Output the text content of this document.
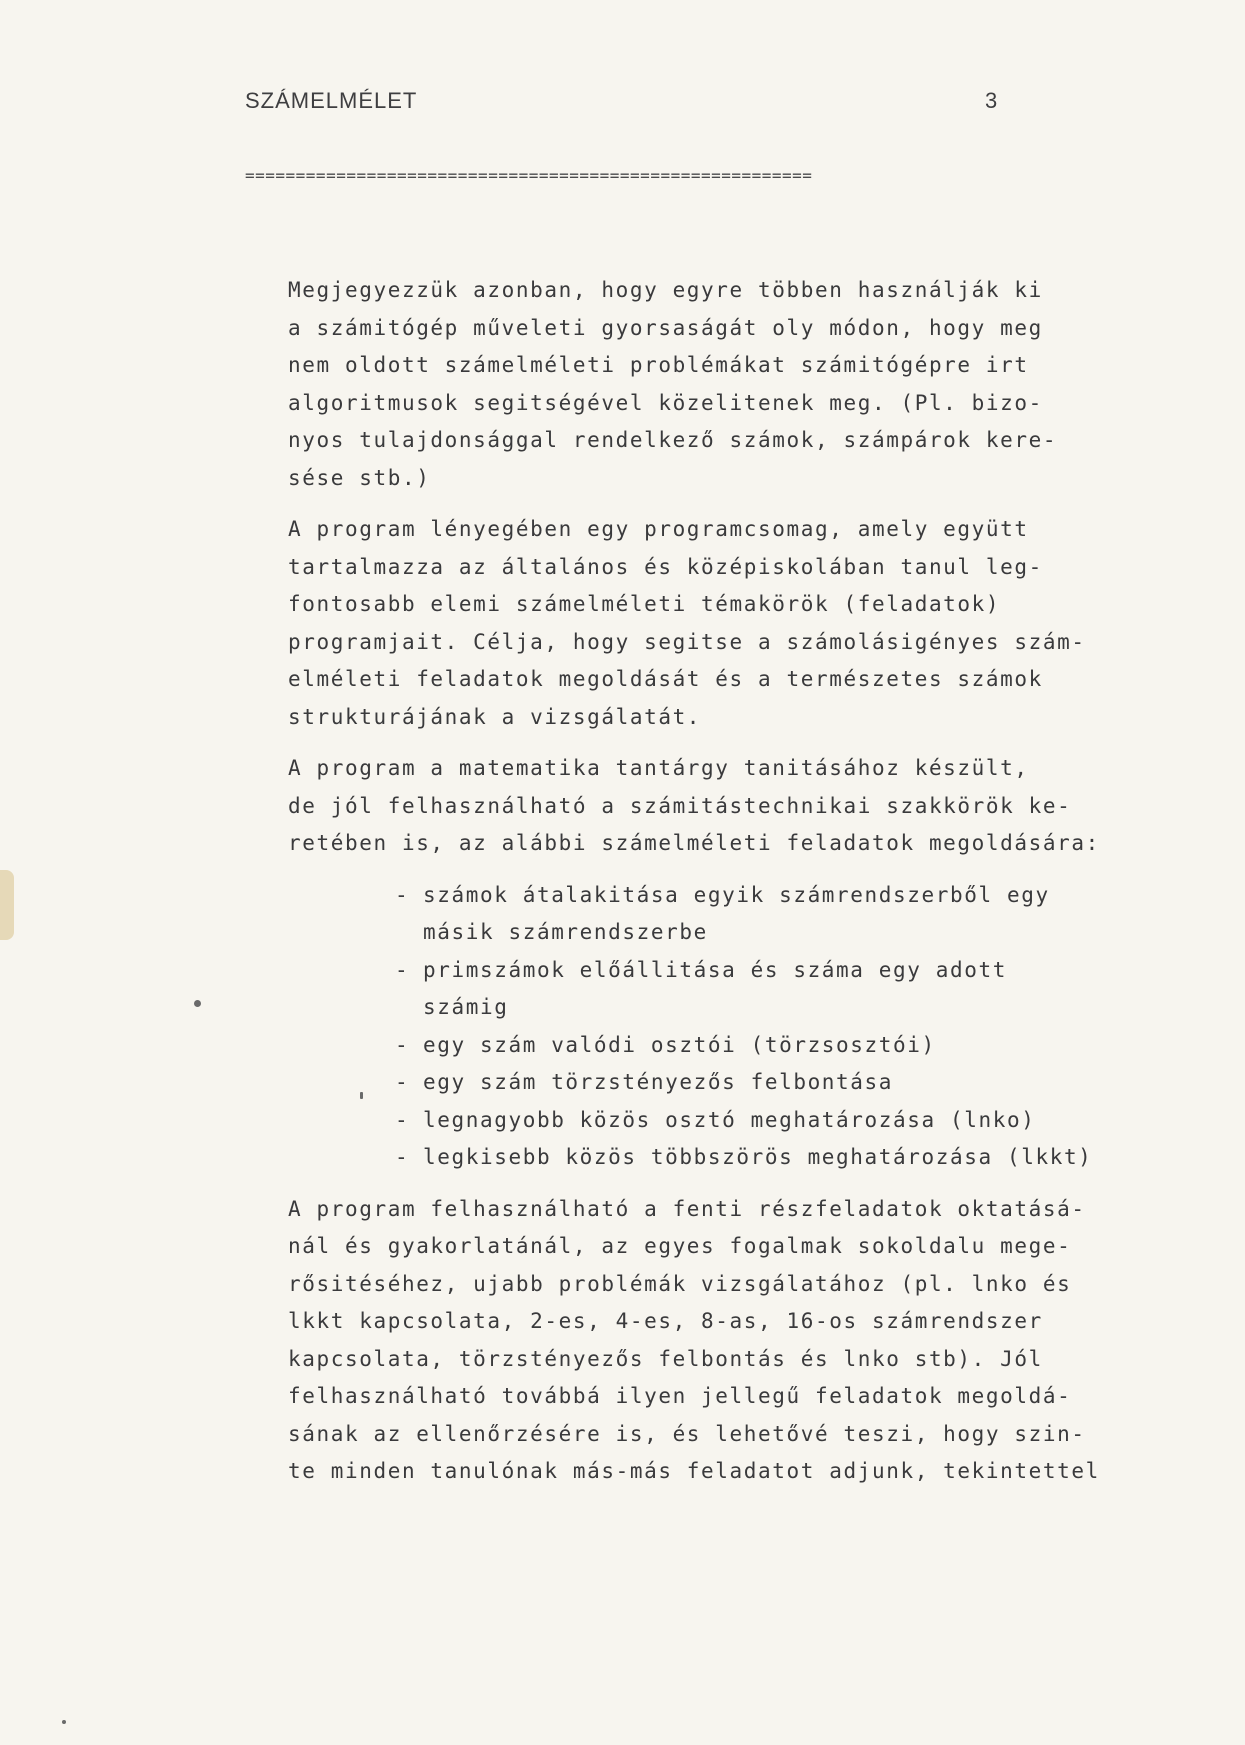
SZÁMELMÉLET	3
========================================================

Megjegyezzük azonban, hogy egyre többen használják ki
a számitógép műveleti gyorsaságát oly módon, hogy meg
nem oldott számelméleti problémákat számitógépre irt
algoritmusok segitségével közelitenek meg. (Pl. bizo-
nyos tulajdonsággal rendelkező számok, számpárok kere-
sése stb.)

A program lényegében egy programcsomag, amely együtt
tartalmazza az általános és középiskolában tanul leg-
fontosabb elemi számelméleti témakörök (feladatok)
programjait. Célja, hogy segitse a számolásigényes szám-
elméleti feladatok megoldását és a természetes számok
strukturájának a vizsgálatát.

A program a matematika tantárgy tanitásához készült,
de jól felhasználható a számitástechnikai szakkörök ke-
retében is, az alábbi számelméleti feladatok megoldására:

- számok átalakitása egyik számrendszerből egy
másik számrendszerbe
- primszámok előállitása és száma egy adott
számig
- egy szám valódi osztói (törzsosztói)
- egy szám törzstényezős felbontása
- legnagyobb közös osztó meghatározása (lnko)
- legkisebb közös többszörös meghatározása (lkkt)

A program felhasználható a fenti részfeladatok oktatásá-
nál és gyakorlatánál, az egyes fogalmak sokoldalu mege-
rősitéséhez, ujabb problémák vizsgálatához (pl. lnko és
lkkt kapcsolata, 2-es, 4-es, 8-as, 16-os számrendszer
kapcsolata, törzstényezős felbontás és lnko stb). Jól
felhasználható továbbá ilyen jellegű feladatok megoldá-
sának az ellenőrzésére is, és lehetővé teszi, hogy szin-
te minden tanulónak más-más feladatot adjunk, tekintettel
